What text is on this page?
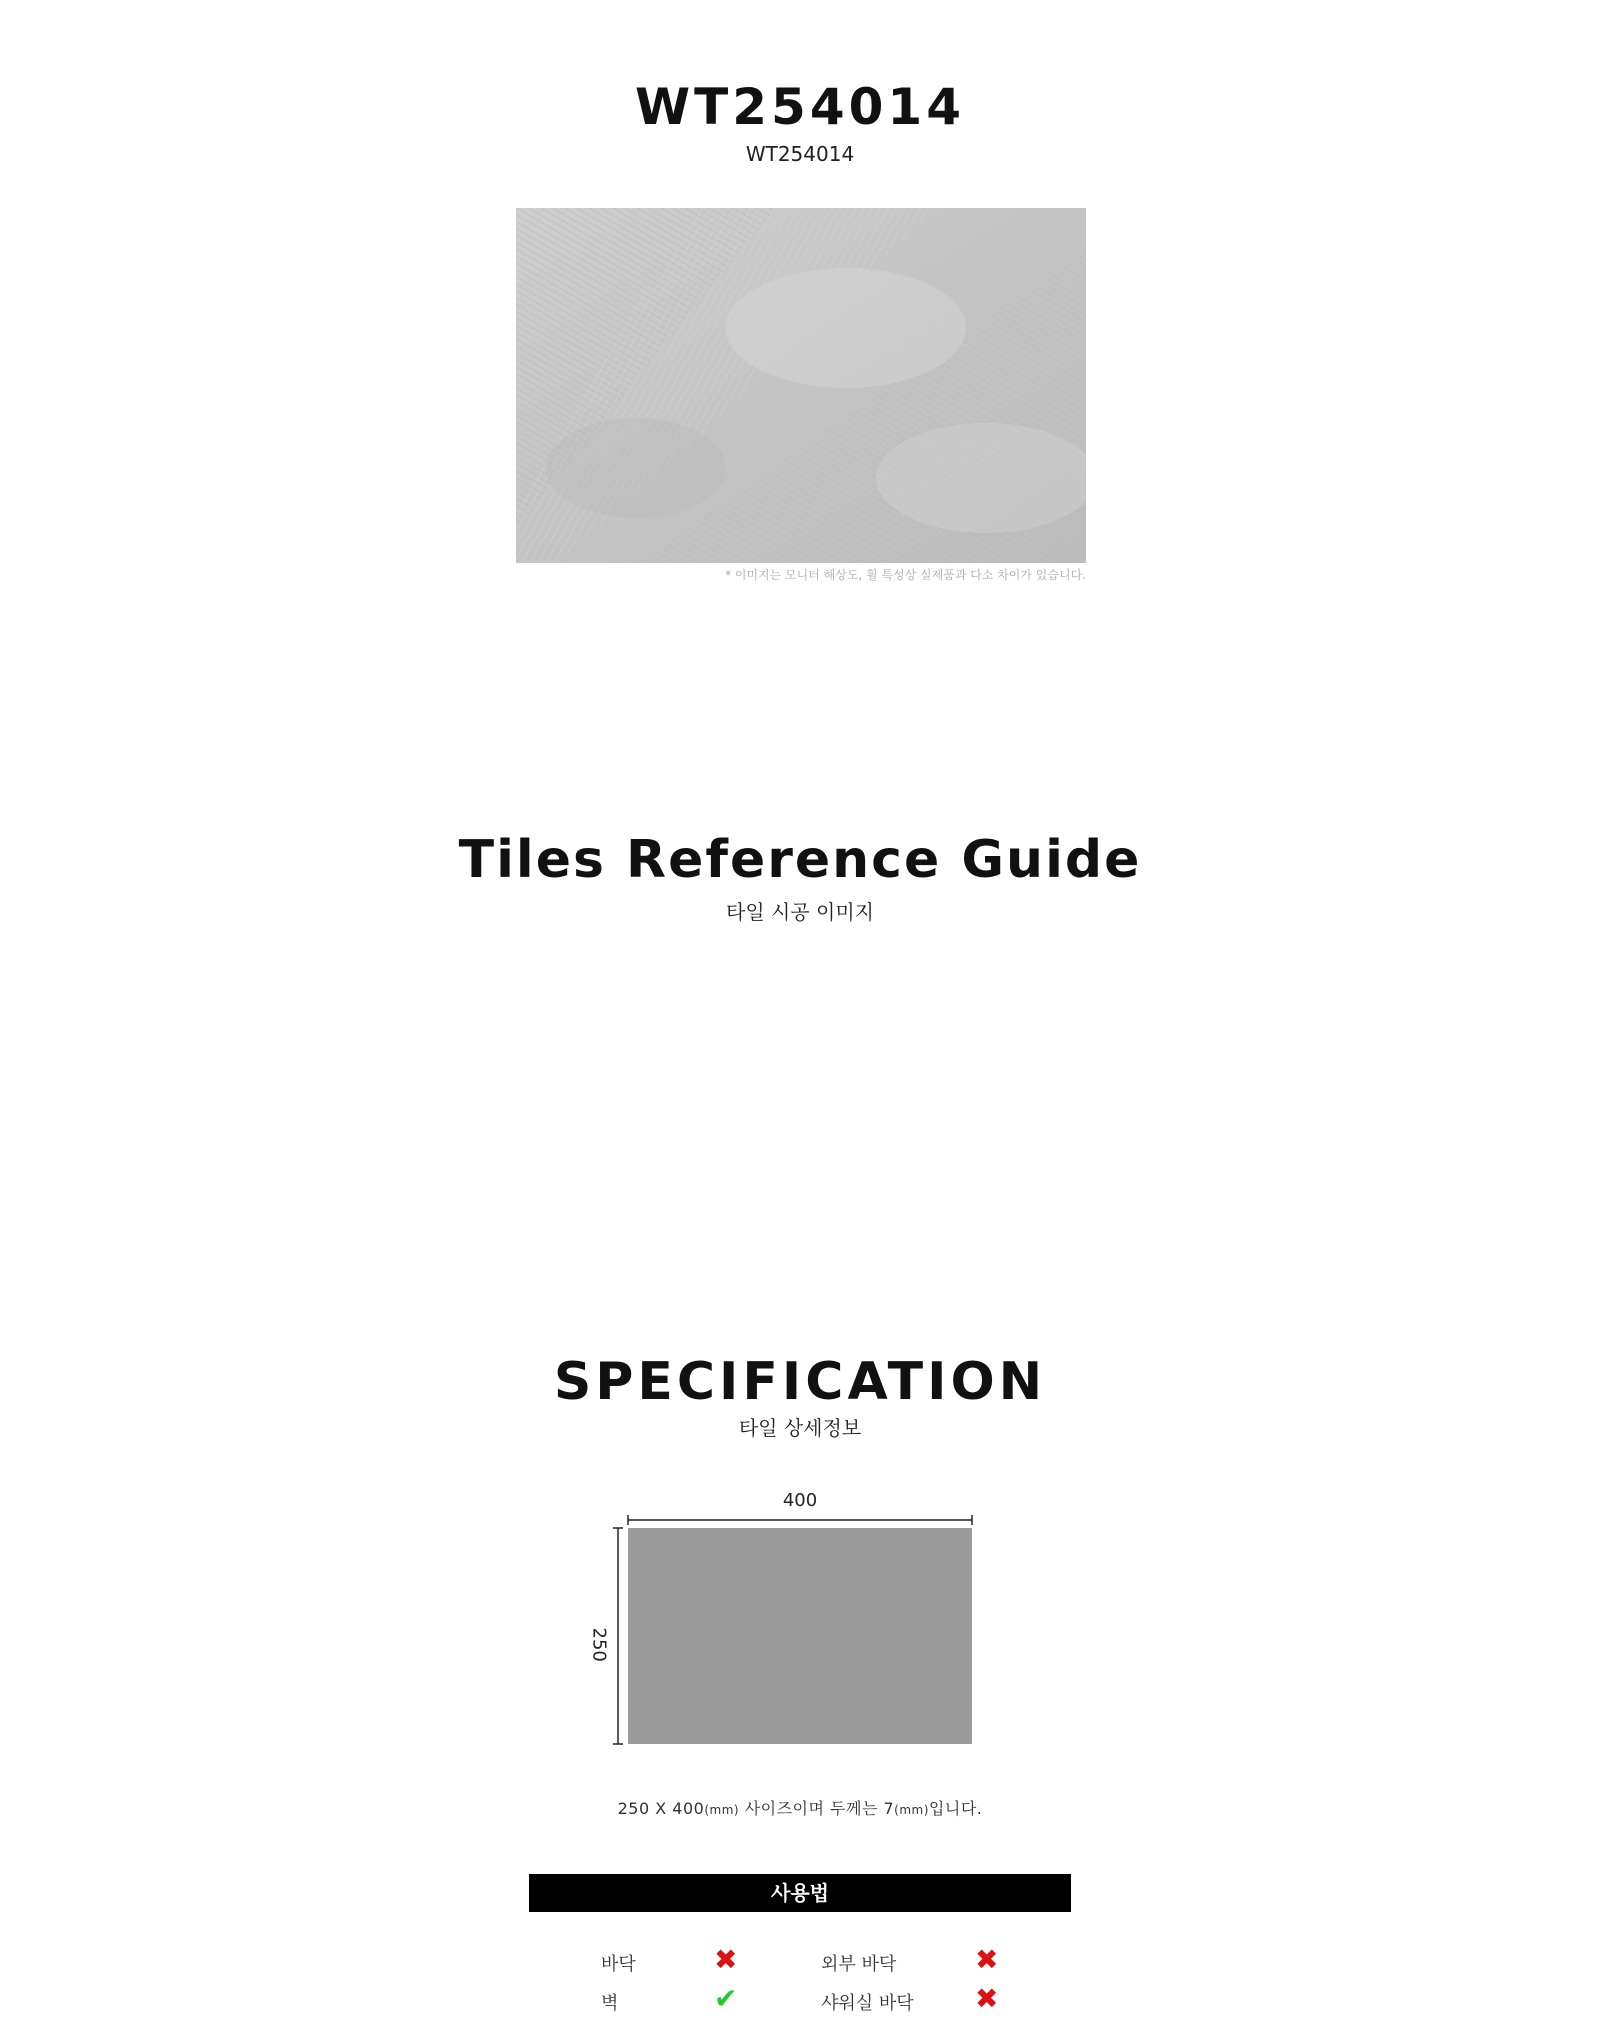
WT254014
WT254014
* 이미지는 모니터 해상도, 휠 특성상 실제품과 다소 차이가 있습니다.
Tiles Reference Guide
타일 시공 이미지
SPECIFICATION
타일 상세정보
400
250
250 X 400(mm) 사이즈이며 두께는 7(mm)입니다.
사용법
바닥	✖	외부 바닥	✖
벽	✔	샤워실 바닥 ✖
